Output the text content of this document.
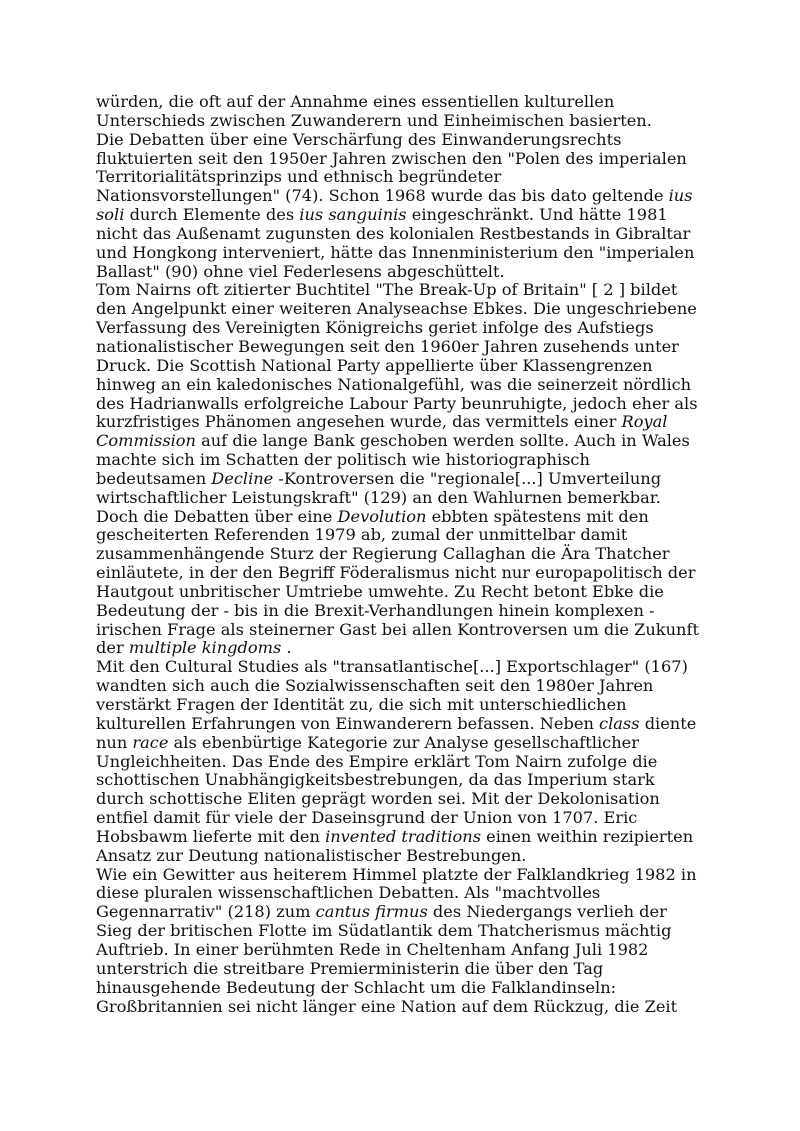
würden, die oft auf der Annahme eines essentiellen kulturellen
Unterschieds zwischen Zuwanderern und Einheimischen basierten.
Die Debatten über eine Verschärfung des Einwanderungsrechts
fluktuierten seit den 1950er Jahren zwischen den "Polen des imperialen
Territorialitätsprinzips und ethnisch begründeter
Nationsvorstellungen" (74). Schon 1968 wurde das bis dato geltende ius
soli durch Elemente des ius sanguinis eingeschränkt. Und hätte 1981
nicht das Außenamt zugunsten des kolonialen Restbestands in Gibraltar
und Hongkong interveniert, hätte das Innenministerium den "imperialen
Ballast" (90) ohne viel Federlesens abgeschüttelt.
Tom Nairns oft zitierter Buchtitel "The Break-Up of Britain" [ 2 ] bildet
den Angelpunkt einer weiteren Analyseachse Ebkes. Die ungeschriebene
Verfassung des Vereinigten Königreichs geriet infolge des Aufstiegs
nationalistischer Bewegungen seit den 1960er Jahren zusehends unter
Druck. Die Scottish National Party appellierte über Klassengrenzen
hinweg an ein kaledonisches Nationalgefühl, was die seinerzeit nördlich
des Hadrianwalls erfolgreiche Labour Party beunruhigte, jedoch eher als
kurzfristiges Phänomen angesehen wurde, das vermittels einer Royal
Commission auf die lange Bank geschoben werden sollte. Auch in Wales
machte sich im Schatten der politisch wie historiographisch
bedeutsamen Decline -Kontroversen die "regionale[...] Umverteilung
wirtschaftlicher Leistungskraft" (129) an den Wahlurnen bemerkbar.
Doch die Debatten über eine Devolution ebbten spätestens mit den
gescheiterten Referenden 1979 ab, zumal der unmittelbar damit
zusammenhängende Sturz der Regierung Callaghan die Ära Thatcher
einläutete, in der den Begriff Föderalismus nicht nur europapolitisch der
Hautgout unbritischer Umtriebe umwehte. Zu Recht betont Ebke die
Bedeutung der - bis in die Brexit-Verhandlungen hinein komplexen -
irischen Frage als steinerner Gast bei allen Kontroversen um die Zukunft
der multiple kingdoms .
Mit den Cultural Studies als "transatlantische[...] Exportschlager" (167)
wandten sich auch die Sozialwissenschaften seit den 1980er Jahren
verstärkt Fragen der Identität zu, die sich mit unterschiedlichen
kulturellen Erfahrungen von Einwanderern befassen. Neben class diente
nun race als ebenbürtige Kategorie zur Analyse gesellschaftlicher
Ungleichheiten. Das Ende des Empire erklärt Tom Nairn zufolge die
schottischen Unabhängigkeitsbestrebungen, da das Imperium stark
durch schottische Eliten geprägt worden sei. Mit der Dekolonisation
entfiel damit für viele der Daseinsgrund der Union von 1707. Eric
Hobsbawm lieferte mit den invented traditions einen weithin rezipierten
Ansatz zur Deutung nationalistischer Bestrebungen.
Wie ein Gewitter aus heiterem Himmel platzte der Falklandkrieg 1982 in
diese pluralen wissenschaftlichen Debatten. Als "machtvolles
Gegennarrativ" (218) zum cantus firmus des Niedergangs verlieh der
Sieg der britischen Flotte im Südatlantik dem Thatcherismus mächtig
Auftrieb. In einer berühmten Rede in Cheltenham Anfang Juli 1982
unterstrich die streitbare Premierministerin die über den Tag
hinausgehende Bedeutung der Schlacht um die Falklandinseln:
Großbritannien sei nicht länger eine Nation auf dem Rückzug, die Zeit
